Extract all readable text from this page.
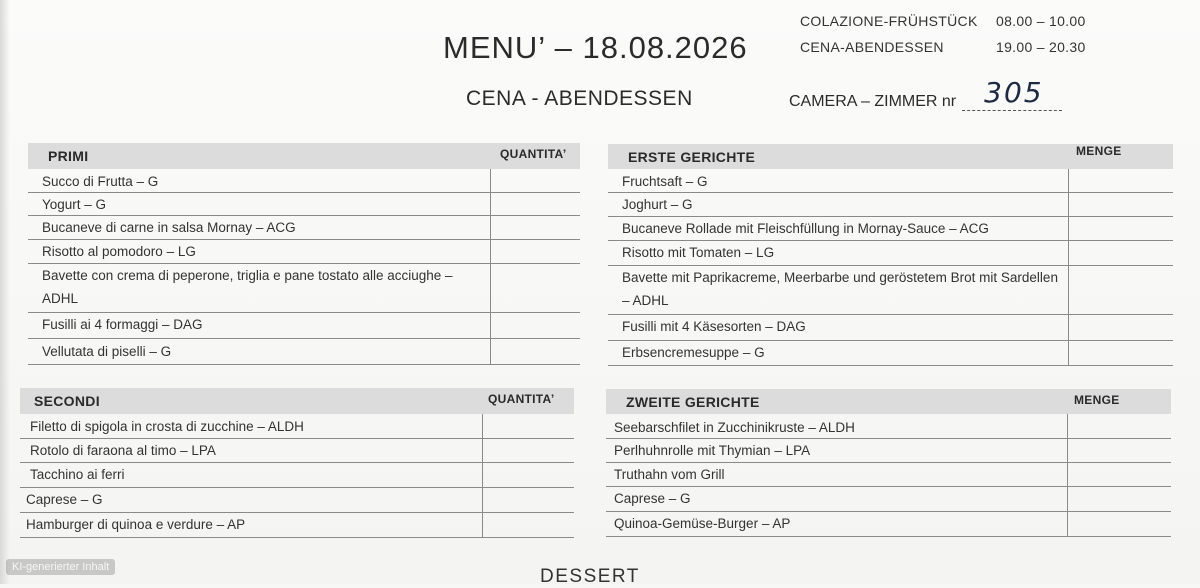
COLAZIONE-FRÜHSTÜCK	08.00 – 10.00
CENA-ABENDESSEN	19.00 – 20.30
MENU’ – 18.08.2026
CENA - ABENDESSEN	CAMERA – ZIMMER nr 305
PRIMI	QUANTITA’
Succo di Frutta – G
Yogurt – G
Bucaneve di carne in salsa Mornay – ACG
Risotto al pomodoro – LG
Bavette con crema di peperone, triglia e pane tostato alle acciughe – ADHL
Fusilli ai 4 formaggi – DAG
Vellutata di piselli – G
ERSTE GERICHTE	MENGE
Fruchtsaft – G
Joghurt – G
Bucaneve Rollade mit Fleischfüllung in Mornay-Sauce – ACG
Risotto mit Tomaten – LG
Bavette mit Paprikacreme, Meerbarbe und geröstetem Brot mit Sardellen – ADHL
Fusilli mit 4 Käsesorten – DAG
Erbsencremesuppe – G
SECONDI	QUANTITA’
Filetto di spigola in crosta di zucchine – ALDH
Rotolo di faraona al timo – LPA
Tacchino ai ferri
Caprese – G
Hamburger di quinoa e verdure – AP
ZWEITE GERICHTE	MENGE
Seebarschfilet in Zucchinikruste – ALDH
Perlhuhnrolle mit Thymian – LPA
Truthahn vom Grill
Caprese – G
Quinoa-Gemüse-Burger – AP
DESSERT
KI-generierter Inhalt
